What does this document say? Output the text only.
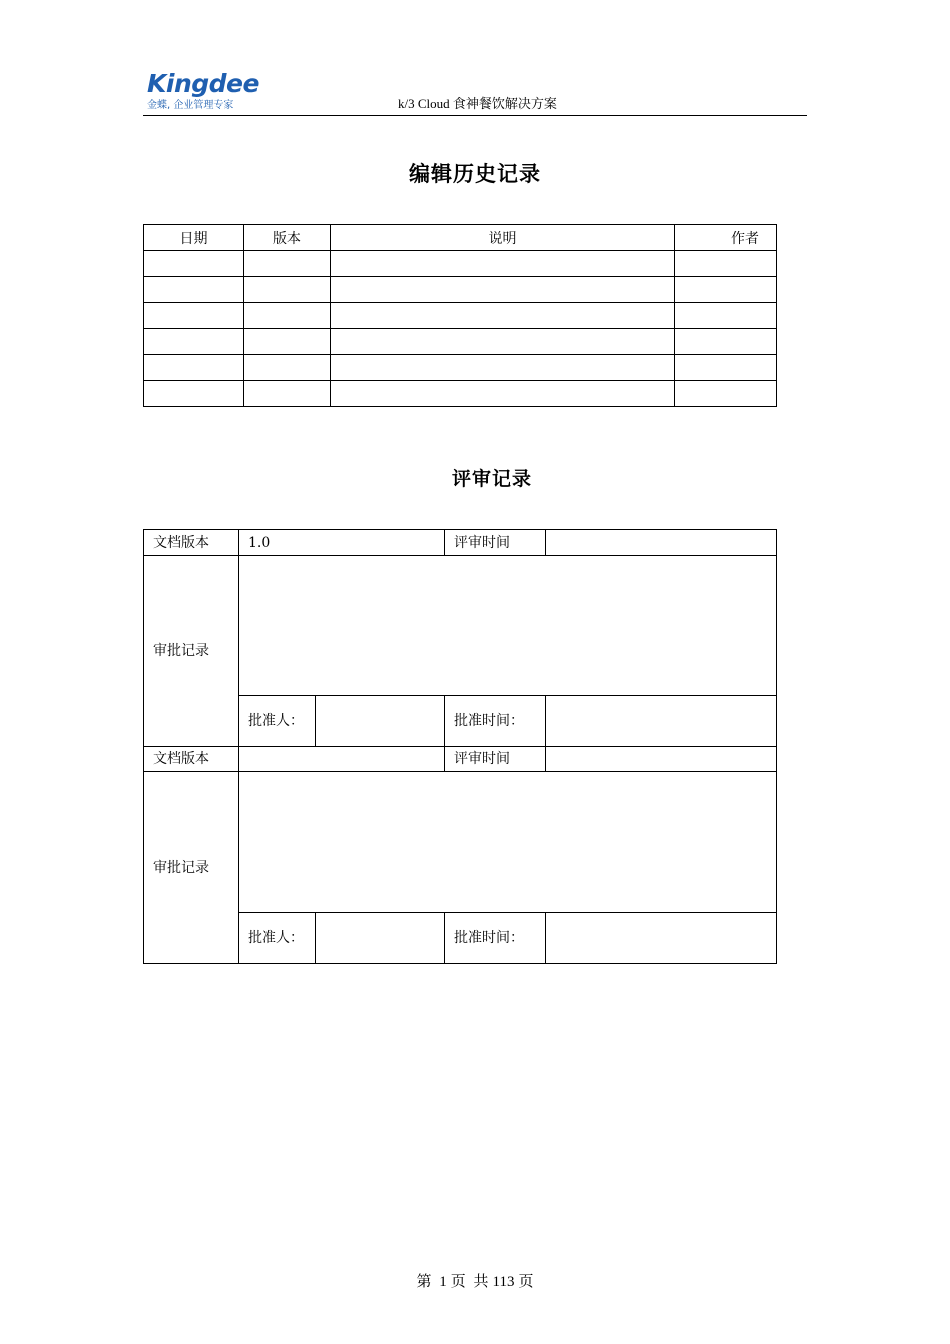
Kingdee
金蝶, 企业管理专家	k/3 Cloud 食神餐饮解决方案
编辑历史记录
日期	版本	说明	作者

评审记录
文档版本	1.0		评审时间	
审批记录				
	批准人：		批准时间：	
文档版本			评审时间	
审批记录				
	批准人：		批准时间：	
第 1 页 共 113 页
